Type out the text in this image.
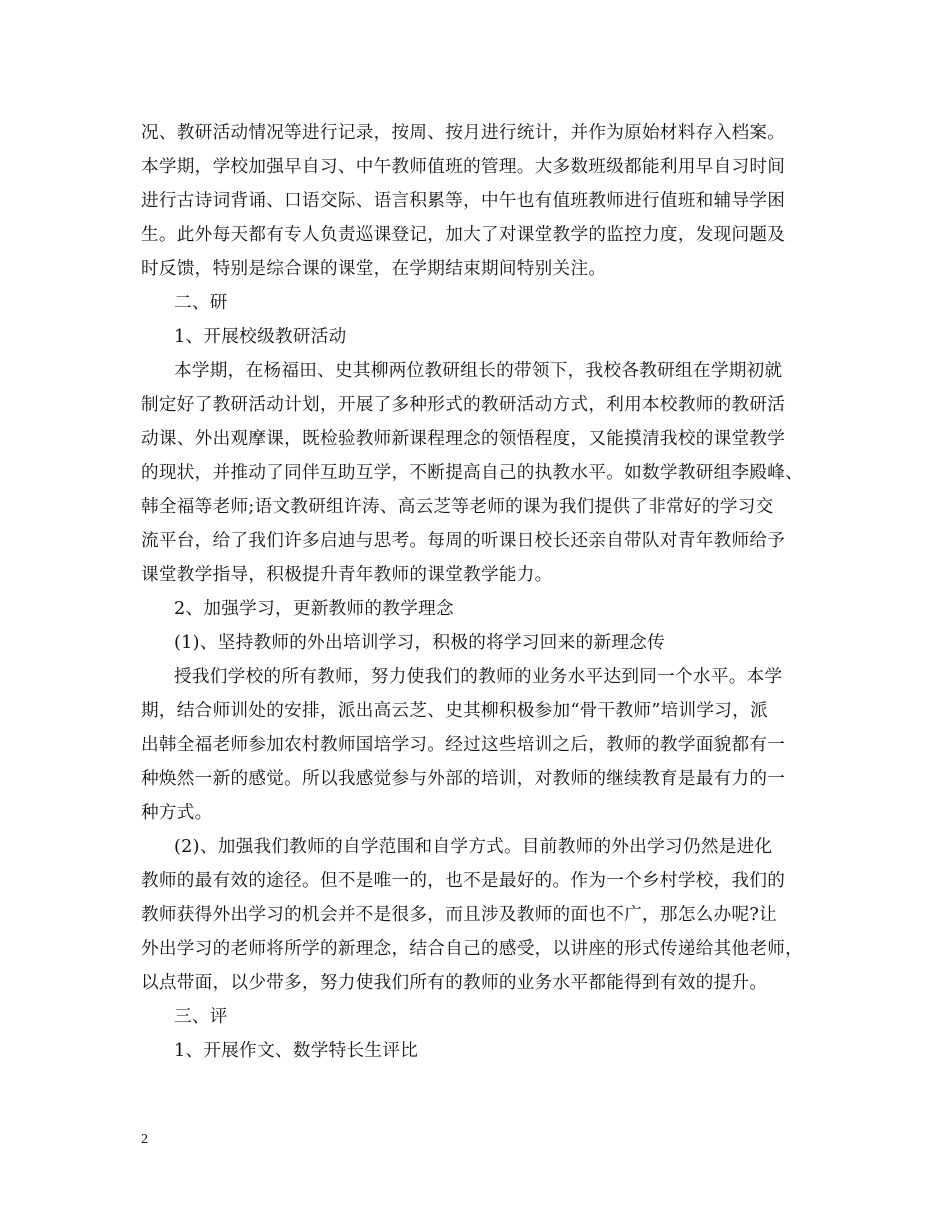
况、教研活动情况等进行记录，按周、按月进行统计，并作为原始材料存入档案。
本学期，学校加强早自习、中午教师值班的管理。大多数班级都能利用早自习时间
进行古诗词背诵、口语交际、语言积累等，中午也有值班教师进行值班和辅导学困
生。此外每天都有专人负责巡课登记，加大了对课堂教学的监控力度，发现问题及
时反馈，特别是综合课的课堂，在学期结束期间特别关注。
二、研
1、开展校级教研活动
本学期，在杨福田、史其柳两位教研组长的带领下，我校各教研组在学期初就
制定好了教研活动计划，开展了多种形式的教研活动方式，利用本校教师的教研活
动课、外出观摩课，既检验教师新课程理念的领悟程度，又能摸清我校的课堂教学
的现状，并推动了同伴互助互学，不断提高自己的执教水平。如数学教研组李殿峰、
韩全福等老师;语文教研组许涛、高云芝等老师的课为我们提供了非常好的学习交
流平台，给了我们许多启迪与思考。每周的听课日校长还亲自带队对青年教师给予
课堂教学指导，积极提升青年教师的课堂教学能力。
2、加强学习，更新教师的教学理念
(1)、坚持教师的外出培训学习，积极的将学习回来的新理念传
授我们学校的所有教师，努力使我们的教师的业务水平达到同一个水平。本学
期，结合师训处的安排，派出高云芝、史其柳积极参加“骨干教师”培训学习，派
出韩全福老师参加农村教师国培学习。经过这些培训之后，教师的教学面貌都有一
种焕然一新的感觉。所以我感觉参与外部的培训，对教师的继续教育是最有力的一
种方式。
(2)、加强我们教师的自学范围和自学方式。目前教师的外出学习仍然是进化
教师的最有效的途径。但不是唯一的，也不是最好的。作为一个乡村学校，我们的
教师获得外出学习的机会并不是很多，而且涉及教师的面也不广，那怎么办呢?让
外出学习的老师将所学的新理念，结合自己的感受，以讲座的形式传递给其他老师，
以点带面，以少带多，努力使我们所有的教师的业务水平都能得到有效的提升。
三、评
1、开展作文、数学特长生评比
2
